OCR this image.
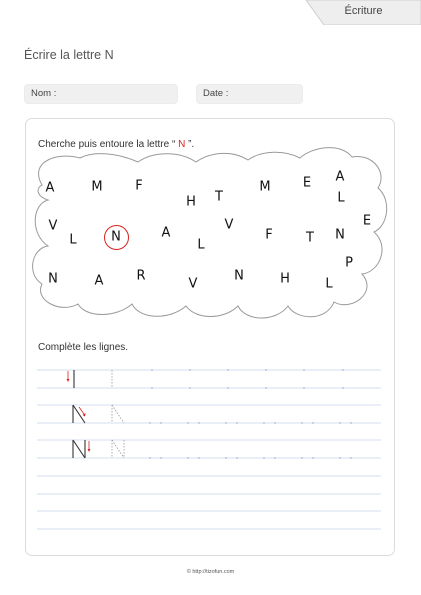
Écriture
Écrire la lettre N
Nom :	Date :
Cherche puis entoure la lettre “ N ”.
A	M	F
H T
M E A
L
V
L	N	A
L
V
F	T N
E
N	A	R
V
N	H	L
P
Complète les lignes.
© http://tizofun.com
